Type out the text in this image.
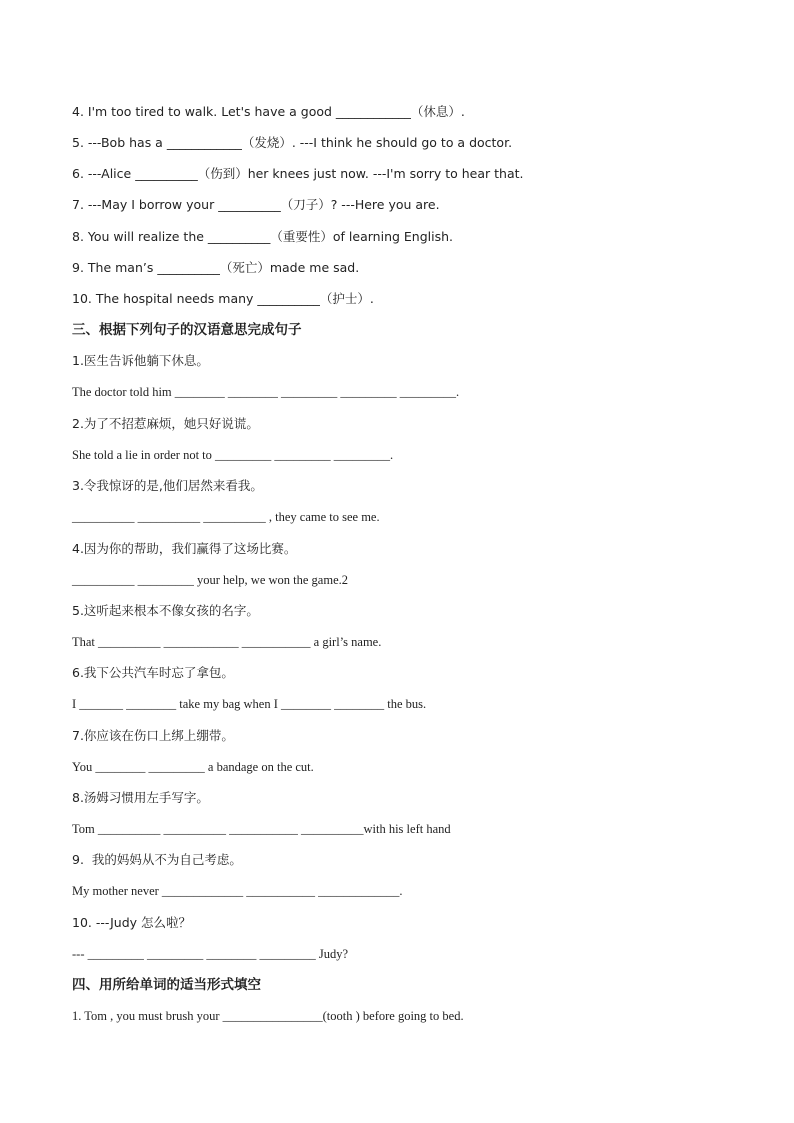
4. I'm too tired to walk. Let's have a good ____________（休息）.
5. ---Bob has a ____________（发烧）. ---I think he should go to a doctor.
6. ---Alice __________（伤到）her knees just now. ---I'm sorry to hear that.
7. ---May I borrow your __________（刀子）? ---Here you are.
8. You will realize the __________（重要性）of learning English.
9. The man’s __________（死亡）made me sad.
10. The hospital needs many __________（护士）.
三、根据下列句子的汉语意思完成句子
1.医生告诉他躺下休息。
The doctor told him ________ ________ _________ _________ _________.
2.为了不招惹麻烦，她只好说谎。
She told a lie in order not to _________ _________ _________.
3.令我惊讶的是,他们居然来看我。
__________ __________ __________ , they came to see me.
4.因为你的帮助，我们赢得了这场比赛。
__________ _________ your help, we won the game.2
5.这听起来根本不像女孩的名字。
That __________ ____________ ___________ a girl’s name.
6.我下公共汽车时忘了拿包。
I _______ ________ take my bag when I ________ ________ the bus.
7.你应该在伤口上绑上绷带。
You ________ _________ a bandage on the cut.
8.汤姆习惯用左手写字。
Tom __________ __________ ___________ __________with his left hand
9.  我的妈妈从不为自己考虑。
My mother never _____________ ___________ _____________.
10. ---Judy 怎么啦？
--- _________ _________ ________ _________ Judy?
四、用所给单词的适当形式填空
1. Tom , you must brush your ________________(tooth ) before going to bed.
